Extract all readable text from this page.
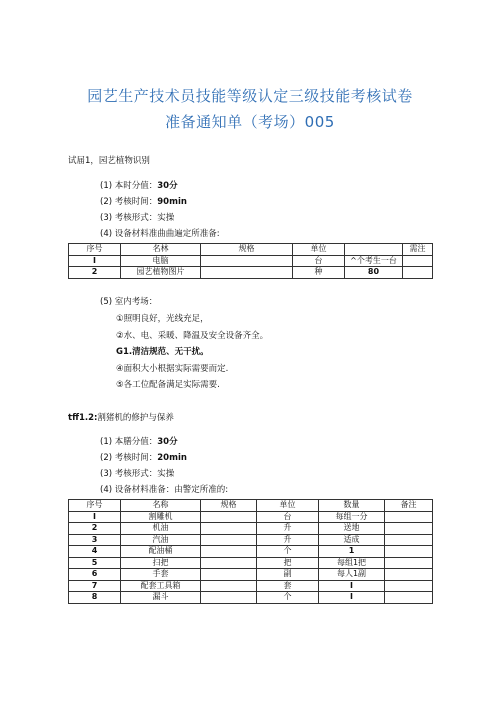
园艺生产技术员技能等级认定三级技能考核试卷
准备通知单（考场）005
试届1，园艺植物识别
(1) 本时分值：30分
(2) 考核时间：90min
(3) 考核形式：实操
(4) 设备材料准曲曲遍定所准备:
序号	名林	规格	单位		需注
I	电脑		台	^个考生一台	
2	园艺植物图片		种	80	
(5) 室内考场：
①照明良好，光线充足，
②水、电、采暖、降温及安全设备齐全。
G1.清洁规范、无干扰。
④面积大小根据实际需要而定.
⑤各工位配备满足实际需要.
tff1.2:割猪机的修护与保养
(1) 本膳分值：30分
(2) 考核时间：20min
(3) 考核形式：实操
(4) 设备材料准备：由警定所准的:
序号	名称	规格	单位	数量	备注
I	割雕机		台	每组一分	
2	机油		升	送地	
3	汽油		升	适成	
4	配油桶		个	1	
5	扫把		把	每组1把	
6	手套		副	每人1副	
7	配套工具箱		套	I	
8	漏斗		个	I	
